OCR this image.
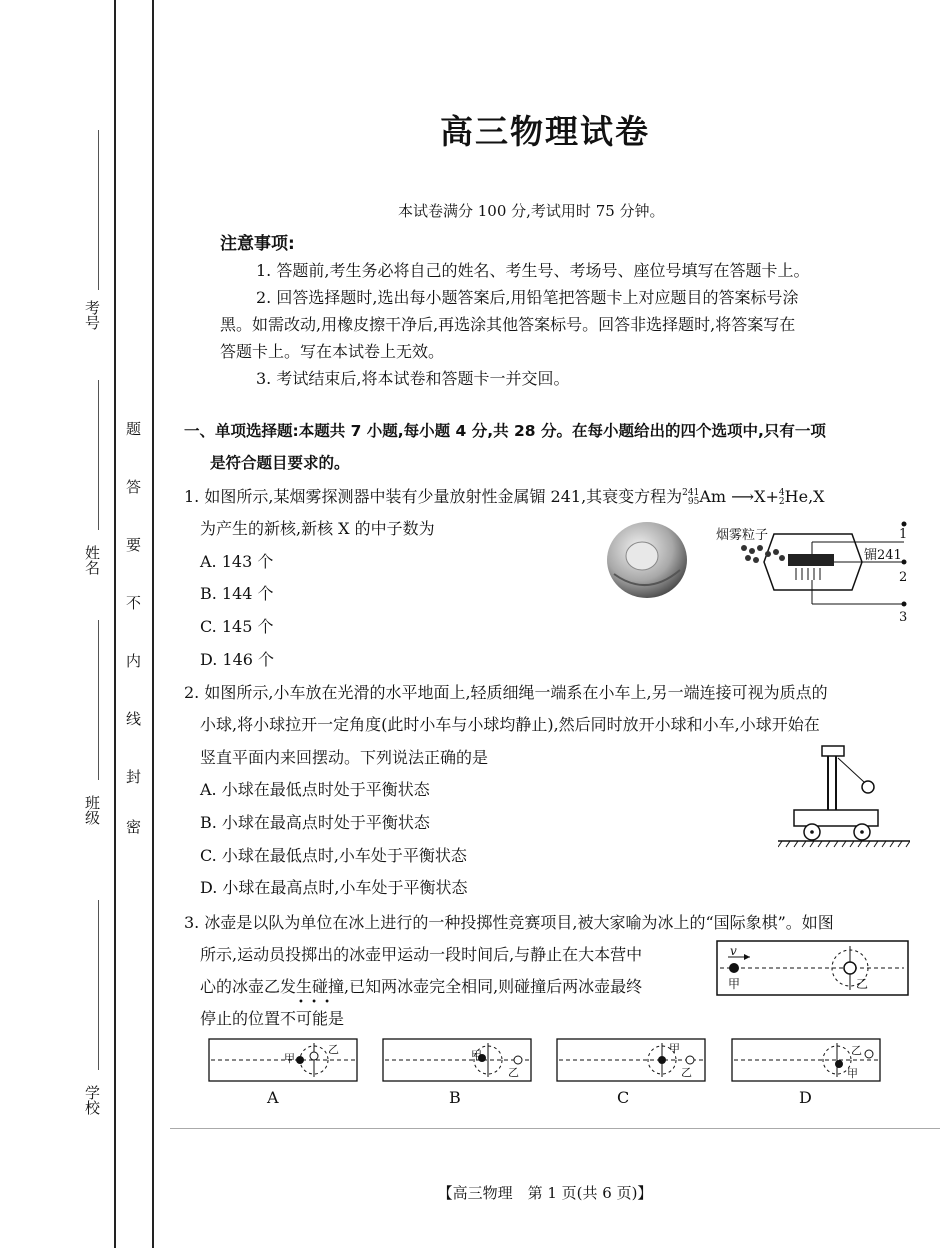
考号
姓名
班级
学校
题
答
要
不
内
线
封
密
高三物理试卷
本试卷满分 100 分,考试用时 75 分钟。
注意事项:
1. 答题前,考生务必将自己的姓名、考生号、考场号、座位号填写在答题卡上。
2. 回答选择题时,选出每小题答案后,用铅笔把答题卡上对应题目的答案标号涂
黑。如需改动,用橡皮擦干净后,再选涂其他答案标号。回答非选择题时,将答案写在
答题卡上。写在本试卷上无效。
3. 考试结束后,将本试卷和答题卡一并交回。
一、单项选择题:本题共 7 小题,每小题 4 分,共 28 分。在每小题给出的四个选项中,只有一项
是符合题目要求的。
1. 如图所示,某烟雾探测器中装有少量放射性金属镅 241,其衰变方程为241
95Am ⟶X+4
2He,X
为产生的新核,新核 X 的中子数为
A. 143 个
B. 144 个
C. 145 个
D. 146 个
烟雾粒子
镅241
1
2
3
2. 如图所示,小车放在光滑的水平地面上,轻质细绳一端系在小车上,另一端连接可视为质点的
小球,将小球拉开一定角度(此时小车与小球均静止),然后同时放开小球和小车,小球开始在
竖直平面内来回摆动。下列说法正确的是
A. 小球在最低点时处于平衡状态
B. 小球在最高点时处于平衡状态
C. 小球在最低点时,小车处于平衡状态
D. 小球在最高点时,小车处于平衡状态
3. 冰壶是以队为单位在冰上进行的一种投掷性竞赛项目,被大家喻为冰上的“国际象棋”。如图
所示,运动员投掷出的冰壶甲运动一段时间后,与静止在大本营中
心的冰壶乙发生碰撞,已知两冰壶完全相同,则碰撞后两冰壶最终
停止的位置不可能是
• • •
v
甲	乙
甲
乙	甲
乙
甲
乙
乙
甲
A	B	C	D
【高三物理　第 1 页(共 6 页)】
